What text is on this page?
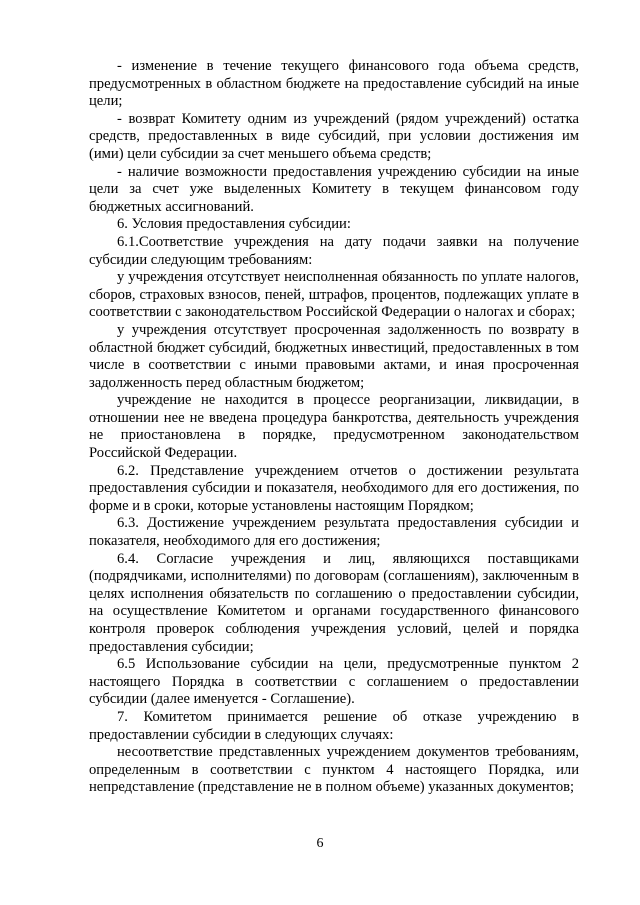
- изменение в течение текущего финансового года объема средств, предусмотренных в областном бюджете на предоставление субсидий на иные цели;

- возврат Комитету одним из учреждений (рядом учреждений) остатка средств, предоставленных в виде субсидий, при условии достижения им (ими) цели субсидии за счет меньшего объема средств;

- наличие возможности предоставления учреждению субсидии на иные цели за счет уже выделенных Комитету в текущем финансовом году бюджетных ассигнований.

6. Условия предоставления субсидии:

6.1.Соответствие учреждения на дату подачи заявки на получение субсидии следующим требованиям:

у учреждения отсутствует неисполненная обязанность по уплате налогов, сборов, страховых взносов, пеней, штрафов, процентов, подлежащих уплате в соответствии с законодательством Российской Федерации о налогах и сборах;

у учреждения отсутствует просроченная задолженность по возврату в областной бюджет субсидий, бюджетных инвестиций, предоставленных в том числе в соответствии с иными правовыми актами, и иная просроченная задолженность перед областным бюджетом;

учреждение не находится в процессе реорганизации, ликвидации, в отношении нее не введена процедура банкротства, деятельность учреждения не приостановлена в порядке, предусмотренном законодательством Российской Федерации.

6.2. Представление учреждением отчетов о достижении результата предоставления субсидии и показателя, необходимого для его достижения, по форме и в сроки, которые установлены настоящим Порядком;

6.3. Достижение учреждением результата предоставления субсидии и показателя, необходимого для его достижения;

6.4. Согласие учреждения и лиц, являющихся поставщиками (подрядчиками, исполнителями) по договорам (соглашениям), заключенным в целях исполнения обязательств по соглашению о предоставлении субсидии, на осуществление Комитетом и органами государственного финансового контроля проверок соблюдения учреждения условий, целей и порядка предоставления субсидии;

6.5 Использование субсидии на цели, предусмотренные пунктом 2 настоящего Порядка в соответствии с соглашением о предоставлении субсидии (далее именуется - Соглашение).

7. Комитетом принимается решение об отказе учреждению в предоставлении субсидии в следующих случаях:

несоответствие представленных учреждением документов требованиям, определенным в соответствии с пунктом 4 настоящего Порядка, или непредставление (представление не в полном объеме) указанных документов;

6
